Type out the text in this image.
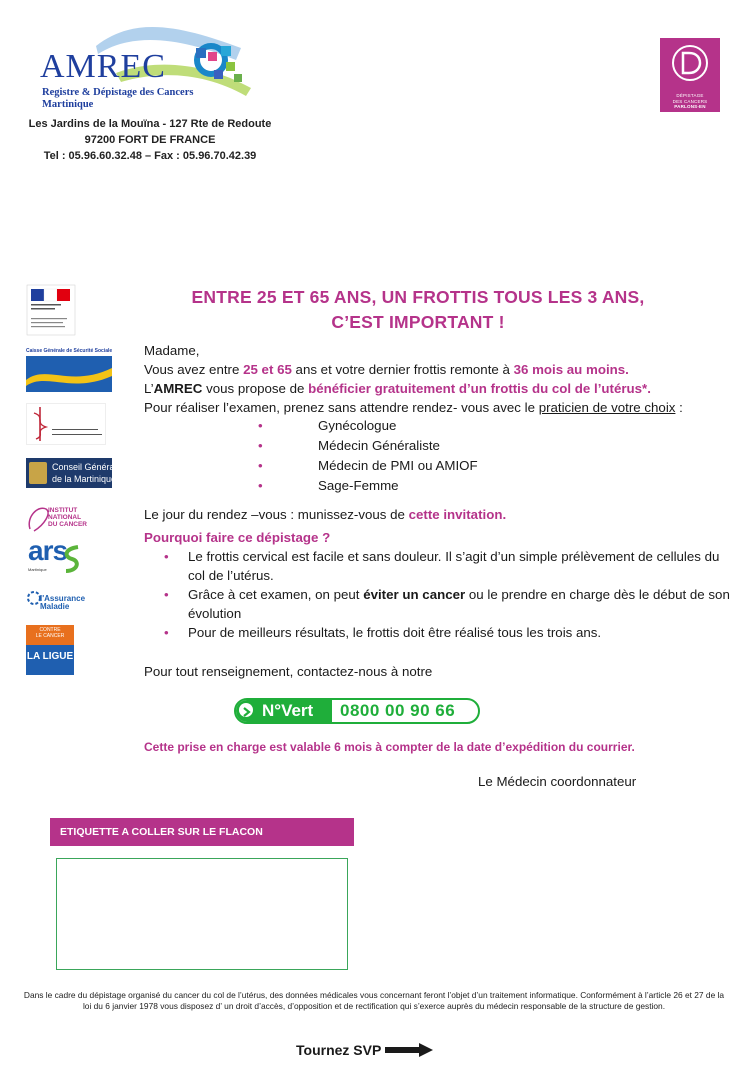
AMREC
Registre & Dépistage des Cancers
Martinique
Les Jardins de la Mouïna - 127 Rte de Redoute
97200 FORT DE FRANCE
Tel : 05.96.60.32.48 – Fax : 05.96.70.42.39
DÉPISTAGE
DES CANCERS
PARLONS-EN
Caisse Générale de Sécurité Sociale
Conseil Général
de la Martinique
INSTITUT
NATIONAL
DU CANCER
ars
Martinique
l'Assurance
Maladie
CONTRE
LE CANCER
LA LIGUE
ENTRE 25 ET 65 ANS, UN FROTTIS TOUS LES 3 ANS,
C’EST IMPORTANT !
Madame,
Vous avez entre 25 et 65 ans et votre dernier frottis remonte à 36 mois au moins.
L’AMREC vous propose de bénéficier gratuitement d’un frottis du col de l’utérus*.
Pour réaliser l’examen, prenez sans attendre rendez- vous avec le praticien de votre choix :
•	Gynécologue
•	Médecin Généraliste
•	Médecin de PMI ou AMIOF
•	Sage-Femme
Le jour du rendez –vous : munissez-vous de cette invitation.
Pourquoi faire ce dépistage ?
• Le frottis cervical est facile et sans douleur. Il s’agit d’un simple prélèvement de cellules du col de l’utérus.
• Grâce à cet examen, on peut éviter un cancer ou le prendre en charge dès le début de son évolution
• Pour de meilleurs résultats, le frottis doit être réalisé tous les trois ans.
Pour tout renseignement, contactez-nous à notre
N°Vert 0800 00 90 66
Cette prise en charge est valable 6 mois à compter de la date d’expédition du courrier.
Le Médecin coordonnateur
ETIQUETTE A COLLER SUR LE FLACON
Dans le cadre du dépistage organisé du cancer du col de l’utérus, des données médicales vous concernant feront l’objet d’un traitement informatique. Conformément à l’article 26 et 27 de la loi du 6 janvier 1978 vous disposez d’ un droit d’accès, d’opposition et de rectification qui s’exerce auprès du médecin responsable de la structure de gestion.
Tournez SVP
